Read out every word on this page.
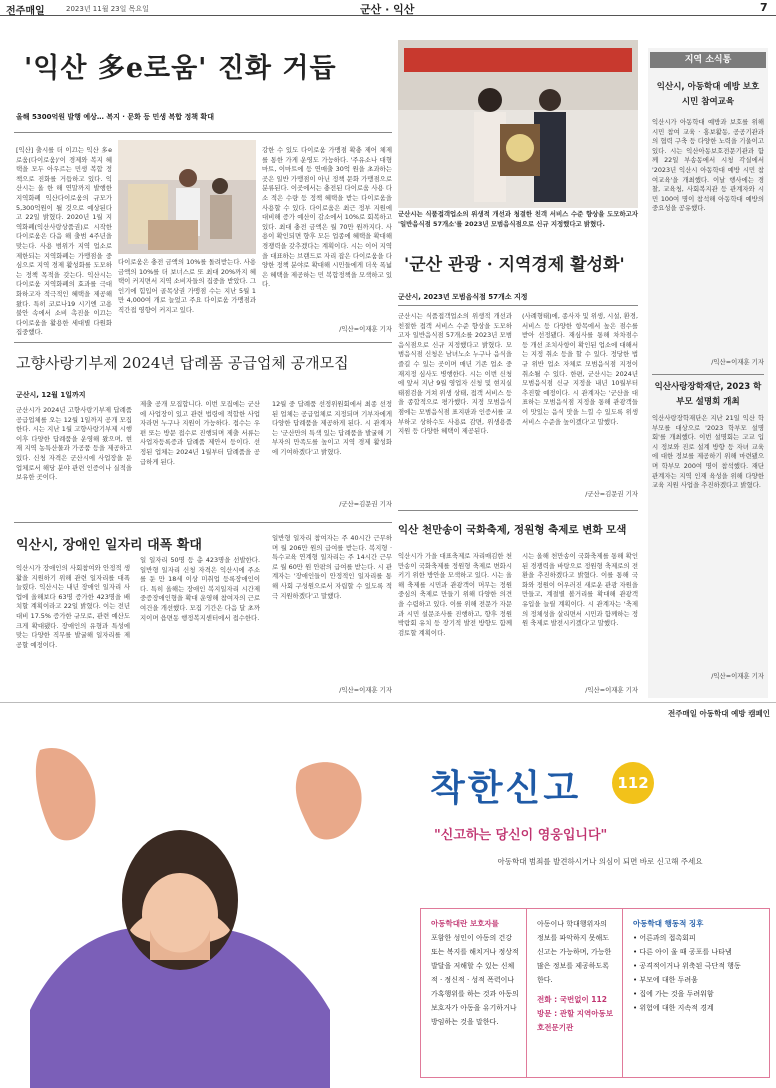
전주매일	2023년 11월 23일 목요일	군산 · 익산	7
'익산 多e로움' 진화 거듭
올해 5300억원 발행 예상… 복지 · 문화 등 민생 복합 정책 확대
[익산] 출시를 더 이끄는 익산 多e로움(다이로움)'이 경제와 복지 혜택을 모두 아우르는 민생 복합 정책으로 진화를 거듭하고 있다. 익산시는 올 한 해 연말까지 발행한 지역화폐 익산다이로움의 규모가 5,300억원이 될 것으로 예상된다고 22일 밝혔다. 2020년 1월 지역화폐(익산사랑상품권)로 시작한 다이로움은 다음 해 출범 4주년을 맞는다. 사용 범위가 지역 업소로 제한되는 지역화폐는 가맹점을 중심으로 지역 경제 활성화를 도모하는 정책 목적을 갖는다. 익산시는 다이로움 지역화폐의 효과를 극대화하고자 적극적인 혜택을 제공해왔다. 특히 코로나19 시기엔 고용 불안 속에서 소비 촉진을 이끄는 다이로움을 활용한 세대별 다원화 집중했다.
다이로움은 충전 금액의 10%를 돌려받는다. 사용 금액의 10%를 더 보너스로 또 최대 20%까지 혜택이 커지면서 지역 소비자들의 집중을 받았다. 그 인기에 힘입어 골목상권 가맹점 수는 지난 5월 1만 4,000여 개로 늘었고 주요 다이로움 가맹점과 직간접 영향이 커지고 있다.
강한 수 있도 다이로움 가맹점 확충 제어 체제를 통한 가게 운영도 가능하다. '주유소나 대형마트, 이마트에 등 연매출 30억 원을 초과하는 곳은 일반 가맹점이 아닌 정책 문화 가맹점으로 분류된다. 이곳에서는 충전된 다이로움 사용 다소 적은 수량 등 정책 혜택을 받는 다이로움을 사용할 수 있다. 다이로움은 최근 정부 지원에 대비해 증가 예산이 감소에서 10%로 회복하고 있다. 최대 충전 금액은 월 70만 원까지다. 사용이 확인되면 향후 모든 업종에 혜택을 확대해 경쟁력을 갖추겠다는 계획이다. 시는 이어 지역을 대표하는 브랜드로 자리 잡은 다이로움을 다양한 정책 분야로 확대해 시민들에게 더욱 폭넓은 혜택을 제공하는 민 복합정책을 모색하고 있다.
/익산=이재훈 기자
군산시는 식품접객업소의 위생적 개선과 청결한 친객 서비스 수준 향상을 도모하고자 '일반음식점 57개소'를 2023년 모범음식점으로 신규 지정했다고 밝혔다.
'군산 관광 · 지역경제 활성화'
군산시, 2023년 모범음식점 57개소 지정
군산시는 식품접객업소의 위생적 개선과 친절한 접객 서비스 수준 향상을 도모하고자 일반음식점 57개소를 2023년 모범음식점으로 신규 지정했다고 밝혔다. 모범음식점 신청은 남녀노소 누구나 음식을 즐길 수 있는 곳이며 매년 기존 업소 중 재지정 심사도 병행한다. 시는 이번 신청에 앞서 지난 9월 영업자 신청 및 현지실태점검을 거쳐 위생 상태, 접객 서비스 등을 종합적으로 평가했다. 지정 모범음식점에는 모범음식점 표지판과 인증서를 교부하고 상하수도 사용료 감면, 위생용품 지원 등 다양한 혜택이 제공된다.
(사례형태)에, 종사자 및 위생, 시설, 환경, 서비스 등 다양한 항목에서 높은 점수를 받아 선정됐다. 재심사를 통해 차차점수 등 개선 조치사항이 확인된 업소에 대해서는 지정 취소 등을 할 수 있다. 정당한 법규 위반 업소 자체로 모범음식점 지정이 취소될 수 있다. 한편, 군산시는 2024년 모범음식점 신규 지정을 내년 10월부터 추진할 예정이다. 시 관계자는 '군산을 대표하는 모범음식점 지정을 통해 관광객들이 맛있는 음식 맛을 느낄 수 있도록 위생 서비스 수준을 높이겠다'고 말했다.
/군산=김문권 기자
고향사랑기부제 2024년 답례품 공급업체 공개모집
군산시, 12월 1일까지
군산시가 2024년 고향사랑기부제 답례품 공급업체를 오는 12월 1일까지 공개 모집한다. 시는 지난 1월 고향사랑기부제 시행 이후 다양한 답례품을 운영해 왔으며, 현재 지역 농특산물과 가공품 등을 제공하고 있다. 신청 자격은 군산시에 사업장을 둔 업체로서 해당 분야 관련 인증이나 실적을 보유한 곳이다.
제출 공개 모집합니다. 이번 모집에는 군산에 사업장이 있고 관련 법령에 적합한 사업자라면 누구나 지원이 가능하다. 접수는 우편 또는 방문 접수로 진행되며 제출 서류는 사업자등록증과 답례품 제안서 등이다. 선정된 업체는 2024년 1월부터 답례품을 공급하게 된다.
12월 중 답례품 선정위원회에서 최종 선정된 업체는 공급업체로 지정되며 기부자에게 다양한 답례품을 제공하게 된다. 시 관계자는 '군산만의 특색 있는 답례품을 발굴해 기부자의 만족도를 높이고 지역 경제 활성화에 기여하겠다'고 밝혔다.
/군산=김문권 기자
익산시, 장애인 일자리 대폭 확대
익산시가 장애인의 사회참여와 안정적 생활을 지원하기 위해 관련 일자리를 대폭 늘렸다. 익산시는 내년 장애인 일자리 사업에 올해보다 63명 증가한 423명을 배치할 계획이라고 22일 밝혔다. 이는 전년 대비 17.5% 증가한 규모로, 관련 예산도 크게 확대됐다. 장애인의 유형과 특성에 맞는 다양한 직무를 발굴해 일자리를 제공할 예정이다.
일 일자리 50명 등 총 423명을 선발한다. 일반형 일자리 신청 자격은 익산시에 주소를 둔 만 18세 이상 미취업 등록장애인이다. 특히 올해는 장애인 복지일자리 시간제 중증장애인형을 확대 운영해 참여자의 근로 여건을 개선했다. 모집 기간은 다음 달 초까지이며 읍면동 행정복지센터에서 접수한다.
일반형 일자리 참여자는 주 40시간 근무하며 월 206만 원의 급여를 받는다. 복지형 · 특수교육 연계형 일자리는 주 14시간 근무로 월 60만 원 안팎의 급여를 받는다. 시 관계자는 '장애인들이 안정적인 일자리를 통해 사회 구성원으로서 자립할 수 있도록 적극 지원하겠다'고 말했다.
/익산=이재훈 기자
익산 천만송이 국화축제, 정원형 축제로 변화 모색
익산시가 가을 대표축제로 자리매김한 천만송이 국화축제를 정원형 축제로 변화시키기 위한 방안을 모색하고 있다. 시는 올해 축제를 시민과 관광객이 머무는 정원 중심의 축제로 만들기 위해 다양한 의견을 수렴하고 있다. 이를 위해 전문가 자문과 시민 설문조사를 진행하고, 향후 정원박람회 유치 등 장기적 발전 방향도 함께 검토할 계획이다.
시는 올해 천만송이 국화축제를 통해 확인된 경쟁력을 바탕으로 정원형 축제로의 전환을 추진하겠다고 밝혔다. 이를 통해 국화와 정원이 어우러진 새로운 관광 자원을 만들고, 계절별 볼거리를 확대해 관광객 유입을 늘릴 계획이다. 시 관계자는 '축제의 정체성을 살리면서 시민과 함께하는 정원 축제로 발전시키겠다'고 말했다.
/익산=이재훈 기자
지역 소식통
익산시, 아동학대 예방 보호 시민 참여교육
익산시가 아동학대 예방과 보호를 위해 시민 참여 교육 · 홍보활동, 공공기관과의 협력 구축 등 다양한 노력을 기울이고 있다. 시는 익산아동보호전문기관과 함께 22일 부송동에서 시청 각실에서 '2023년 익산시 아동학대 예방 시민 참여교육'을 개최했다. 이날 행사에는 경찰, 교육청, 사회복지관 등 관계자와 시민 100여 명이 참석해 아동학대 예방의 중요성을 공유했다.
/익산=이재훈 기자
익산사랑장학재단, 2023 학부모 설명회 개최
익산사랑장학재단은 지난 21일 익산 학부모를 대상으로 '2023 학부모 설명회'를 개최했다. 이번 설명회는 고교 입시 정보와 진로 설계 방향 등 자녀 교육에 대한 정보를 제공하기 위해 마련됐으며 학부모 200여 명이 참석했다. 재단 관계자는 지역 인재 육성을 위해 다양한 교육 지원 사업을 추진하겠다고 밝혔다.
/익산=이재훈 기자
전주매일 아동학대 예방 캠페인
착한신고	112
"신고하는 당신이 영웅입니다"
아동학대 범죄를 발견하시거나 의심이 되면 바로 신고해 주세요
아동학대란 보호자를
포함한 성인이 아동의 건강 또는 복지를 해치거나 정상적 발달을 저해할 수 있는 신체적 · 정신적 · 성적 폭력이나 가혹행위를 하는 것과 아동의 보호자가 아동을 유기하거나 방임하는 것을 말한다.
아동이나 학대행위자의 정보를 파악하지 못해도 신고는 가능하며, 가능한 많은 정보를 제공하도록 한다.
전화 : 국번없이 112
방문 : 관할 지역아동보호전문기관
아동학대 행동적 징후
• 어른과의 접촉회피
• 다른 아이 울 때 공포를 나타냄
• 공격적이거나 위축된 극단적 행동
• 부모에 대한 두려움
• 집에 가는 것을 두려워함
• 위험에 대한 지속적 경계
